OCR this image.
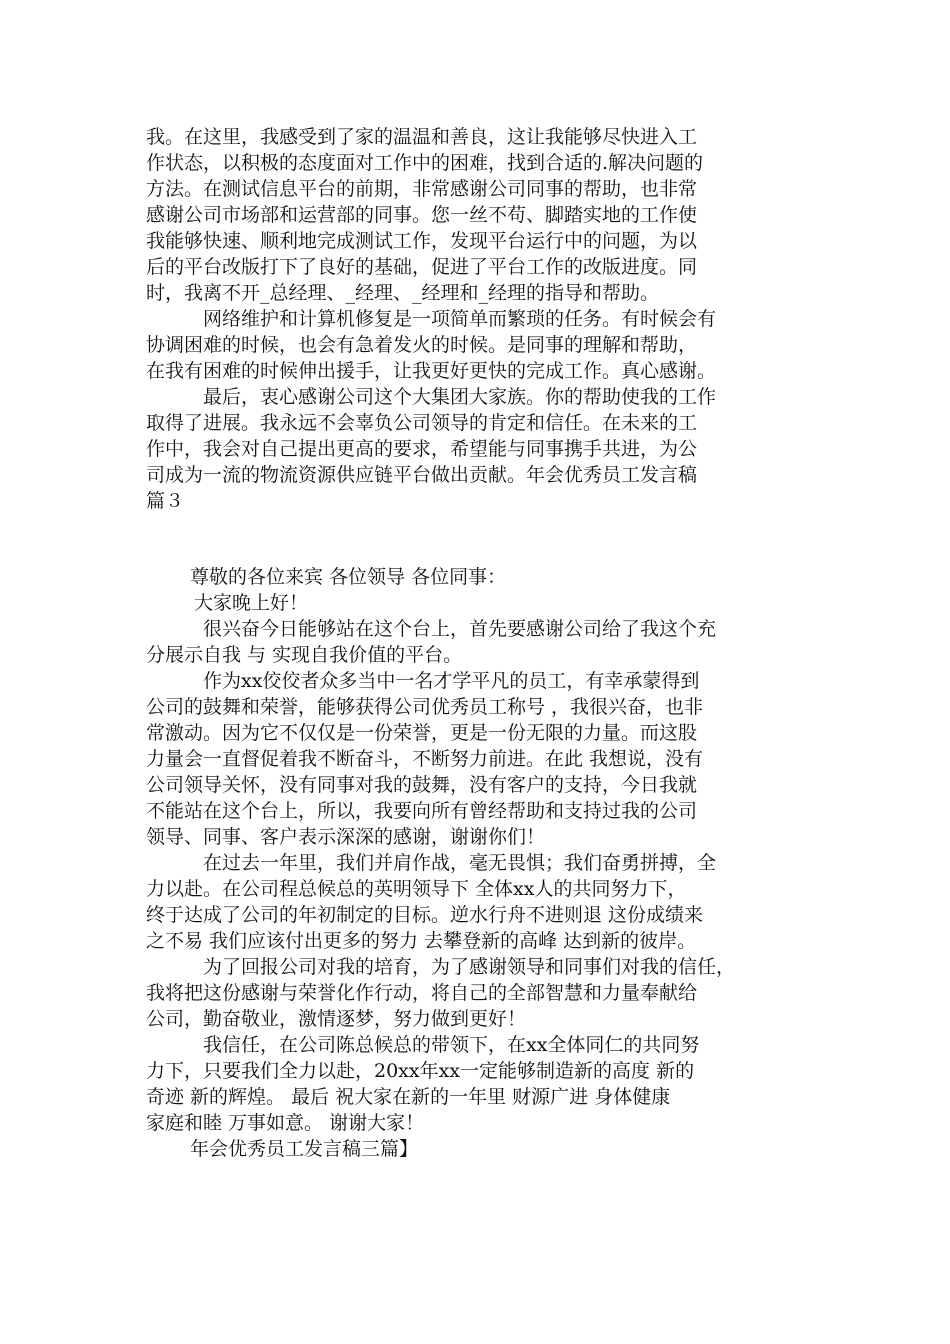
我。在这里，我感受到了家的温温和善良，这让我能够尽快进入工
作状态，以积极的态度面对工作中的困难，找到合适的.解决问题的
方法。在测试信息平台的前期，非常感谢公司同事的帮助，也非常
感谢公司市场部和运营部的同事。您一丝不苟、脚踏实地的工作使
我能够快速、顺利地完成测试工作，发现平台运行中的问题，为以
后的平台改版打下了良好的基础，促进了平台工作的改版进度。同
时，我离不开_总经理、_经理、_经理和_经理的指导和帮助。
网络维护和计算机修复是一项简单而繁琐的任务。有时候会有
协调困难的时候，也会有急着发火的时候。是同事的理解和帮助，
在我有困难的时候伸出援手，让我更好更快的完成工作。真心感谢。
最后，衷心感谢公司这个大集团大家族。你的帮助使我的工作
取得了进展。我永远不会辜负公司领导的肯定和信任。在未来的工
作中，我会对自己提出更高的要求，希望能与同事携手共进，为公
司成为一流的物流资源供应链平台做出贡献。年会优秀员工发言稿
篇３
尊敬的各位来宾 各位领导 各位同事：
大家晚上好！
很兴奋今日能够站在这个台上，首先要感谢公司给了我这个充
分展示自我 与 实现自我价值的平台。
作为xx佼佼者众多当中一名才学平凡的员工，有幸承蒙得到
公司的鼓舞和荣誉，能够获得公司优秀员工称号 ，我很兴奋，也非
常激动。因为它不仅仅是一份荣誉，更是一份无限的力量。而这股
力量会一直督促着我不断奋斗，不断努力前进。在此 我想说，没有
公司领导关怀，没有同事对我的鼓舞，没有客户的支持，今日我就
不能站在这个台上，所以，我要向所有曾经帮助和支持过我的公司
领导、同事、客户表示深深的感谢，谢谢你们！
在过去一年里，我们并肩作战，毫无畏惧；我们奋勇拼搏，全
力以赴。在公司程总候总的英明领导下 全体xx人的共同努力下，
终于达成了公司的年初制定的目标。逆水行舟不进则退 这份成绩来
之不易 我们应该付出更多的努力 去攀登新的高峰 达到新的彼岸。
为了回报公司对我的培育，为了感谢领导和同事们对我的信任，
我将把这份感谢与荣誉化作行动，将自己的全部智慧和力量奉献给
公司，勤奋敬业，激情逐梦，努力做到更好！
我信任，在公司陈总候总的带领下，在xx全体同仁的共同努
力下，只要我们全力以赴，20xx年xx一定能够制造新的高度 新的
奇迹 新的辉煌。 最后 祝大家在新的一年里 财源广进 身体健康
家庭和睦 万事如意。 谢谢大家！
年会优秀员工发言稿三篇】
